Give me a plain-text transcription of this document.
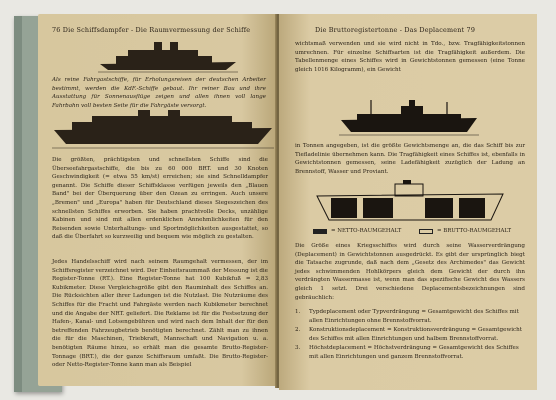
76 Die Schiffsdampfer - Die Raumvermessung der Schiffe
Als reine Fahrgastschiffe, für Erholungsreisen der deutschen Arbeiter bestimmt, werden die KdF.-Schiffe gebaut. Ihr reiner Bau und ihre Ausstattung für Sonnenausflüge zeigen und allen ihnen voll lange Fahrbahn voll besten Seite für die Fahrgäste versorgt.
Die größten, prächtigsten und schnellsten Schiffe sind die Überseefahrgastschiffe, die bis zu 60 000 BRT. und 30 Knoten Geschwindigkeit (= etwa 55 km/st) erreichen; sie sind Schnelldampfer genannt. Die Schiffe dieser Schiffsklasse verfügen jeweils den „Blauen Band" bei der Überquerung über den Ozean zu erringen. Auch unsere „Bremen" und „Europa" haben für Deutschland dieses Siegeszeichen des schnellsten Schiffes erworben. Sie haben prachtvolle Decks, unzählige Kabinen und sind mit allen erdenklichen Annehmlichkeiten für den Reisenden sowie Unterhaltungs- und Sportmöglichkeiten ausgestattet, so daß die Überfahrt so kurzweilig und bequem wie möglich zu gestalten.
Jedes Handelsschiff wird nach seinem Raumgehalt vermessen, der im Schiffsregister verzeichnet wird. Der Einheitsraummaß der Messung ist die Register-Tonne (RT.). Eine Register-Tonne hat 100 Kubikfuß = 2,83 Kubikmeter. Diese Vergleichsgröße gibt den Rauminhalt des Schiffes an. Die Rücksichten aller ihrer Ladungen ist die Nutzlast. Die Nutzräume des Schiffes für die Fracht und Fahrgäste werden nach Kubikmeter berechnet und die Angabe der NRT. geliefert. Die Reklame ist für die Festsetzung der Hafen-, Kanal- und Lotsengebühren und wird nach dem Inhalt der für den betreffenden Fahrzeugbetrieb benötigten berechnet. Zählt man zu ihnen die für die Maschinen, Triebkraft, Mannschaft und Navigation u. a. benötigten Räume hinzu, so erhält man die gesamte Brutto-Register-Tonnage (BRT.), die der ganze Schiffsraum umfaßt. Die Brutto-Register- oder Netto-Register-Tonne kann man als Beispiel
Die Bruttoregistertonne - Das Deplacement 79
wichtsmaß verwenden und sie wird nicht in Tdo., bzw. Tragfähigkeitstonnen umrechnen. Für einzelne Schiffsarten ist die Tragfähigkeit außerdem. Die Tabellenmenge eines Schiffes wird in Gewichtstonnen gemessen (eine Tonne gleich 1016 Kilogramm), ein Gewicht
in Tonnen angegeben, ist die größte Gewichtsmenge an, die das Schiff bis zur Tiefladelinie übernehmen kann. Die Tragfähigkeit eines Schiffes ist, ebenfalls in Gewichtstonnen gemessen, seine Ladefähigkeit zuzüglich der Ladung an Brennstoff, Wasser und Proviant.
= NETTO-RAUMGEHALT	= BRUTTO-RAUMGEHALT
Die Größe eines Kriegsschiffes wird durch seine Wasserverdrängung (Deplacement) in Gewichtstonnen ausgedrückt. Es gibt der ursprünglich biegt die Tatsache zugrunde, daß nach dem „Gesetz des Archimedes" das Gewicht jedes schwimmenden Hohlkörpers gleich dem Gewicht der durch ihn verdrängten Wassermasse ist, wenn man das spezifische Gewicht des Wassers gleich 1 setzt. Drei verschiedene Deplacementsbezeichnungen sind gebräuchlich:
1. Typdeplacement oder Typverdrängung = Gesamtgewicht des Schiffes mit allen Einrichtungen ohne Brennstoffvorrat.
2. Konstruktionsdeplacement = Konstruktionsverdrängung = Gesamtgewicht des Schiffes mit allen Einrichtungen und halbem Brennstoffvorrat.
3. Höchstdeplacement = Höchstverdrängung = Gesamtgewicht des Schiffes mit allen Einrichtungen und ganzem Brennstoffvorrat.
